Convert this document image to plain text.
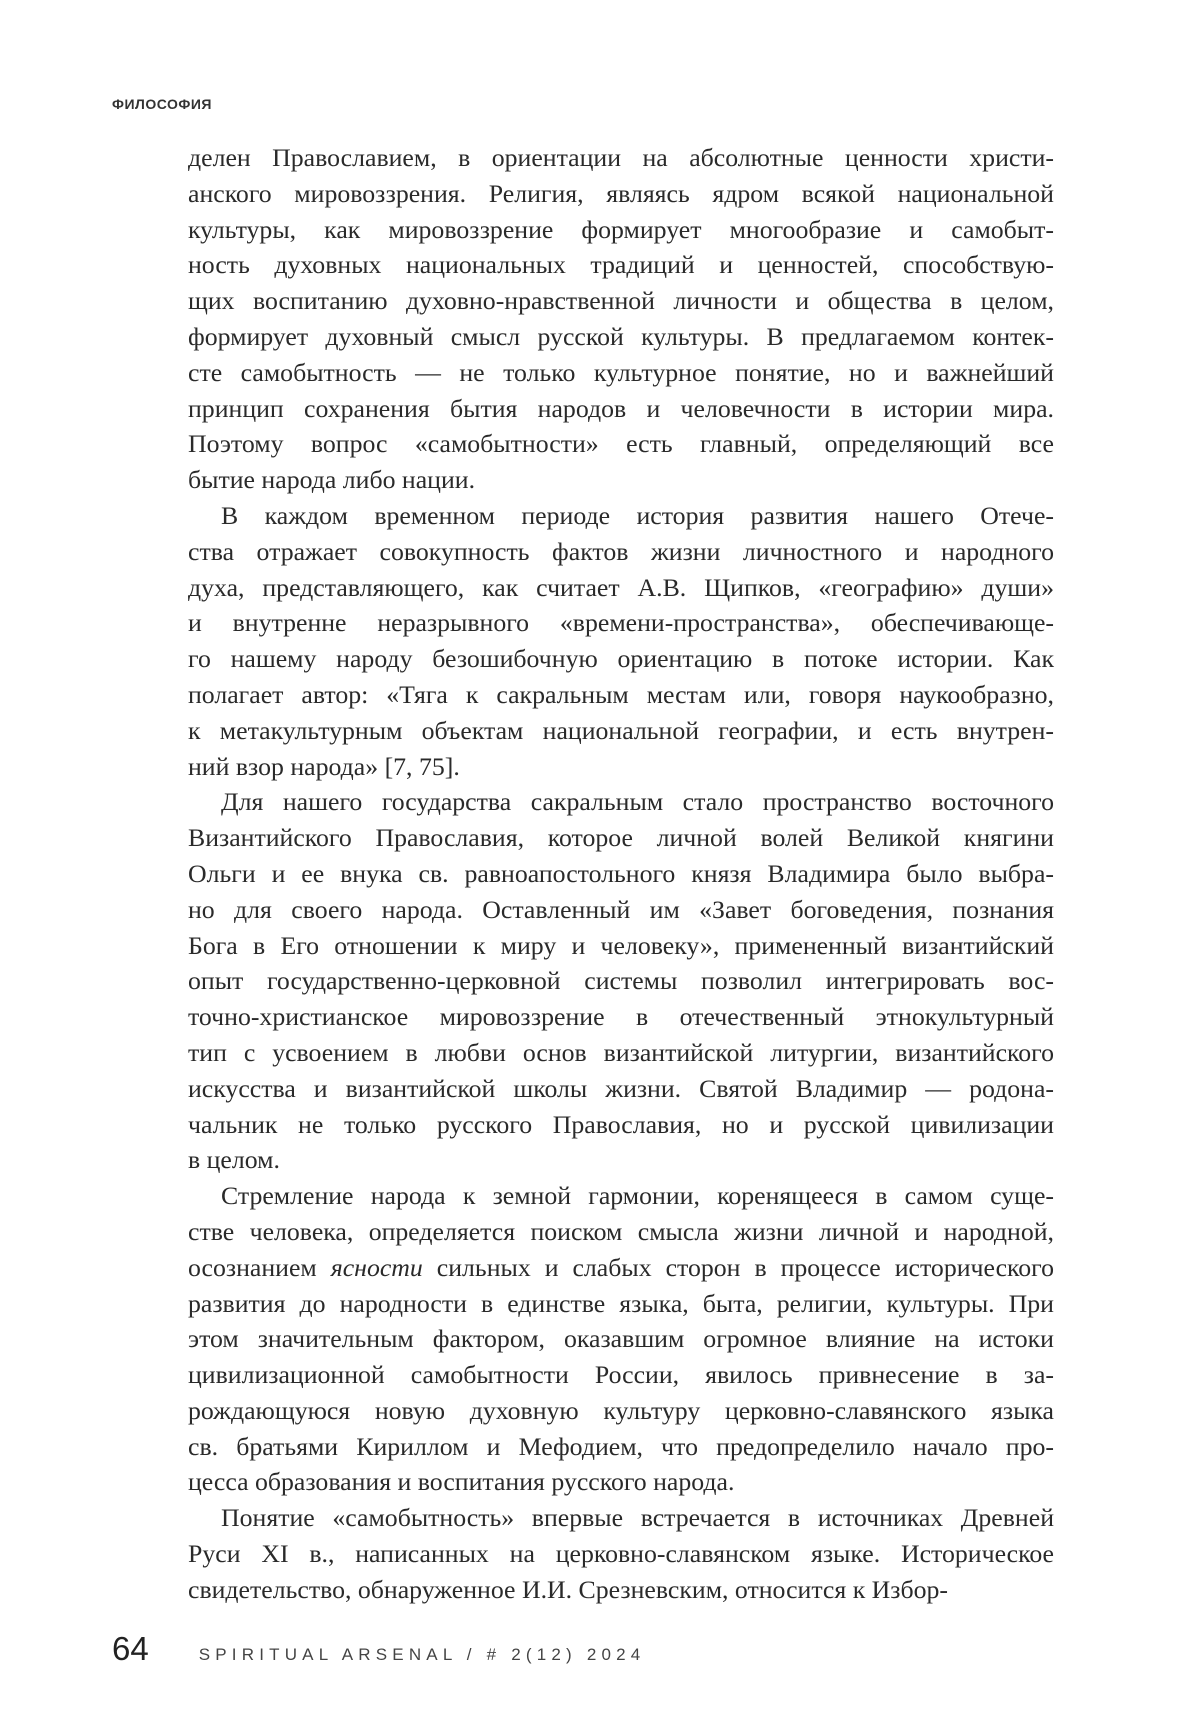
ФИЛОСОФИЯ

делен Православием, в ориентации на абсолютные ценности христи-
анского мировоззрения. Религия, являясь ядром всякой национальной
культуры, как мировоззрение формирует многообразие и самобыт-
ность духовных национальных традиций и ценностей, способствую-
щих воспитанию духовно-нравственной личности и общества в целом,
формирует духовный смысл русской культуры. В предлагаемом контек-
сте самобытность — не только культурное понятие, но и важнейший
принцип сохранения бытия народов и человечности в истории мира.
Поэтому вопрос «самобытности» есть главный, определяющий все
бытие народа либо нации.

В каждом временном периоде история развития нашего Отече-
ства отражает совокупность фактов жизни личностного и народного
духа, представляющего, как считает А.В. Щипков, «географию» души»
и внутренне неразрывного «времени-пространства», обеспечивающе-
го нашему народу безошибочную ориентацию в потоке истории. Как
полагает автор: «Тяга к сакральным местам или, говоря наукообразно,
к метакультурным объектам национальной географии, и есть внутрен-
ний взор народа» [7, 75].

Для нашего государства сакральным стало пространство восточного
Византийского Православия, которое личной волей Великой княгини
Ольги и ее внука св. равноапостольного князя Владимира было выбра-
но для своего народа. Оставленный им «Завет боговедения, познания
Бога в Его отношении к миру и человеку», примененный византийский
опыт государственно-церковной системы позволил интегрировать вос-
точно-христианское мировоззрение в отечественный этнокультурный
тип с усвоением в любви основ византийской литургии, византийского
искусства и византийской школы жизни. Святой Владимир — родона-
чальник не только русского Православия, но и русской цивилизации
в целом.

Стремление народа к земной гармонии, коренящееся в самом суще-
стве человека, определяется поиском смысла жизни личной и народной,
осознанием ясности сильных и слабых сторон в процессе исторического
развития до народности в единстве языка, быта, религии, культуры. При
этом значительным фактором, оказавшим огромное влияние на истоки
цивилизационной самобытности России, явилось привнесение в за-
рождающуюся новую духовную культуру церковно-славянского языка
св. братьями Кириллом и Мефодием, что предопределило начало про-
цесса образования и воспитания русского народа.

Понятие «самобытность» впервые встречается в источниках Древней
Руси XI в., написанных на церковно-славянском языке. Историческое
свидетельство, обнаруженное И.И. Срезневским, относится к Избор-

64	SPIRITUAL ARSENAL / # 2(12) 2024
